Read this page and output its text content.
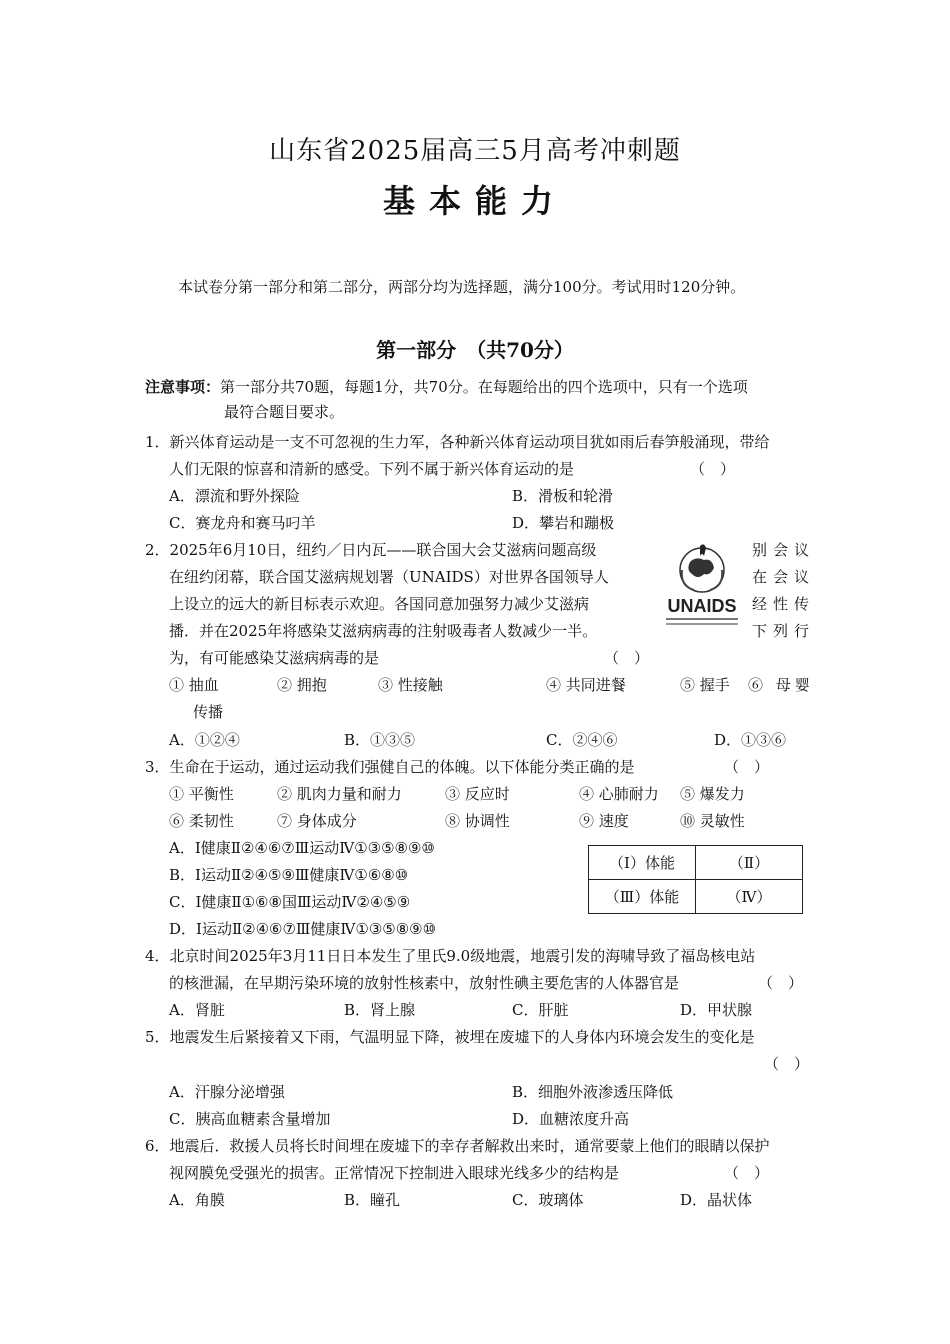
山东省2025届高三5月高考冲刺题
基本能力
本试卷分第一部分和第二部分，两部分均为选择题，满分100分。考试用时120分钟。
第一部分　（共70分）
注意事项：第一部分共70题，每题1分，共70分。在每题给出的四个选项中，只有一个选项
最符合题目要求。
1．新兴体育运动是一支不可忽视的生力军，各种新兴体育运动项目犹如雨后春笋般涌现，带给
人们无限的惊喜和清新的感受。下列不属于新兴体育运动的是	（　）
A．漂流和野外探险	B．滑板和轮滑
C．赛龙舟和赛马叼羊	D．攀岩和蹦极
2．2025年6月10日，纽约／日内瓦——联合国大会艾滋病问题高级	别会议
在纽约闭幕，联合国艾滋病规划署（UNAIDS）对世界各国领导人	在会议
上设立的远大的新目标表示欢迎。各国同意加强努力减少艾滋病	经性传
播．并在2025年将感染艾滋病病毒的注射吸毒者人数减少一半。	下列行
为，有可能感染艾滋病病毒的是	（　）
UNAIDS
① 抽血	② 拥抱	③ 性接触	④ 共同进餐	⑤ 握手 ⑥ 母婴
传播
A．①②④	B．①③⑤	C．②④⑥	D．①③⑥
3．生命在于运动，通过运动我们强健自己的体魄。以下体能分类正确的是	（　）
① 平衡性	② 肌肉力量和耐力	③ 反应时	④ 心肺耐力 ⑤ 爆发力
⑥ 柔韧性	⑦ 身体成分	⑧ 协调性	⑨ 速度	⑩ 灵敏性
A．Ⅰ健康Ⅱ②④⑥⑦Ⅲ运动Ⅳ①③⑤⑧⑨⑩
B．Ⅰ运动Ⅱ②④⑤⑨Ⅲ健康Ⅳ①⑥⑧⑩
C．Ⅰ健康Ⅱ①⑥⑧国Ⅲ运动Ⅳ②④⑤⑨
D．Ⅰ运动Ⅱ②④⑥⑦Ⅲ健康Ⅳ①③⑤⑧⑨⑩
（Ⅰ）体能	（Ⅱ）
（Ⅲ）体能	（Ⅳ）
4．北京时间2025年3月11日日本发生了里氏9.0级地震，地震引发的海啸导致了福岛核电站
的核泄漏，在早期污染环境的放射性核素中，放射性碘主要危害的人体器官是	（　）
A．肾脏	B．肾上腺	C．肝脏	D．甲状腺
5．地震发生后紧接着又下雨，气温明显下降，被埋在废墟下的人身体内环境会发生的变化是
（　）
A．汗腺分泌增强	B．细胞外液渗透压降低
C．胰高血糖素含量增加	D．血糖浓度升高
6．地震后．救援人员将长时间埋在废墟下的幸存者解救出来时，通常要蒙上他们的眼睛以保护
视网膜免受强光的损害。正常情况下控制进入眼球光线多少的结构是	（　）
A．角膜	B．瞳孔	C．玻璃体	D．晶状体
